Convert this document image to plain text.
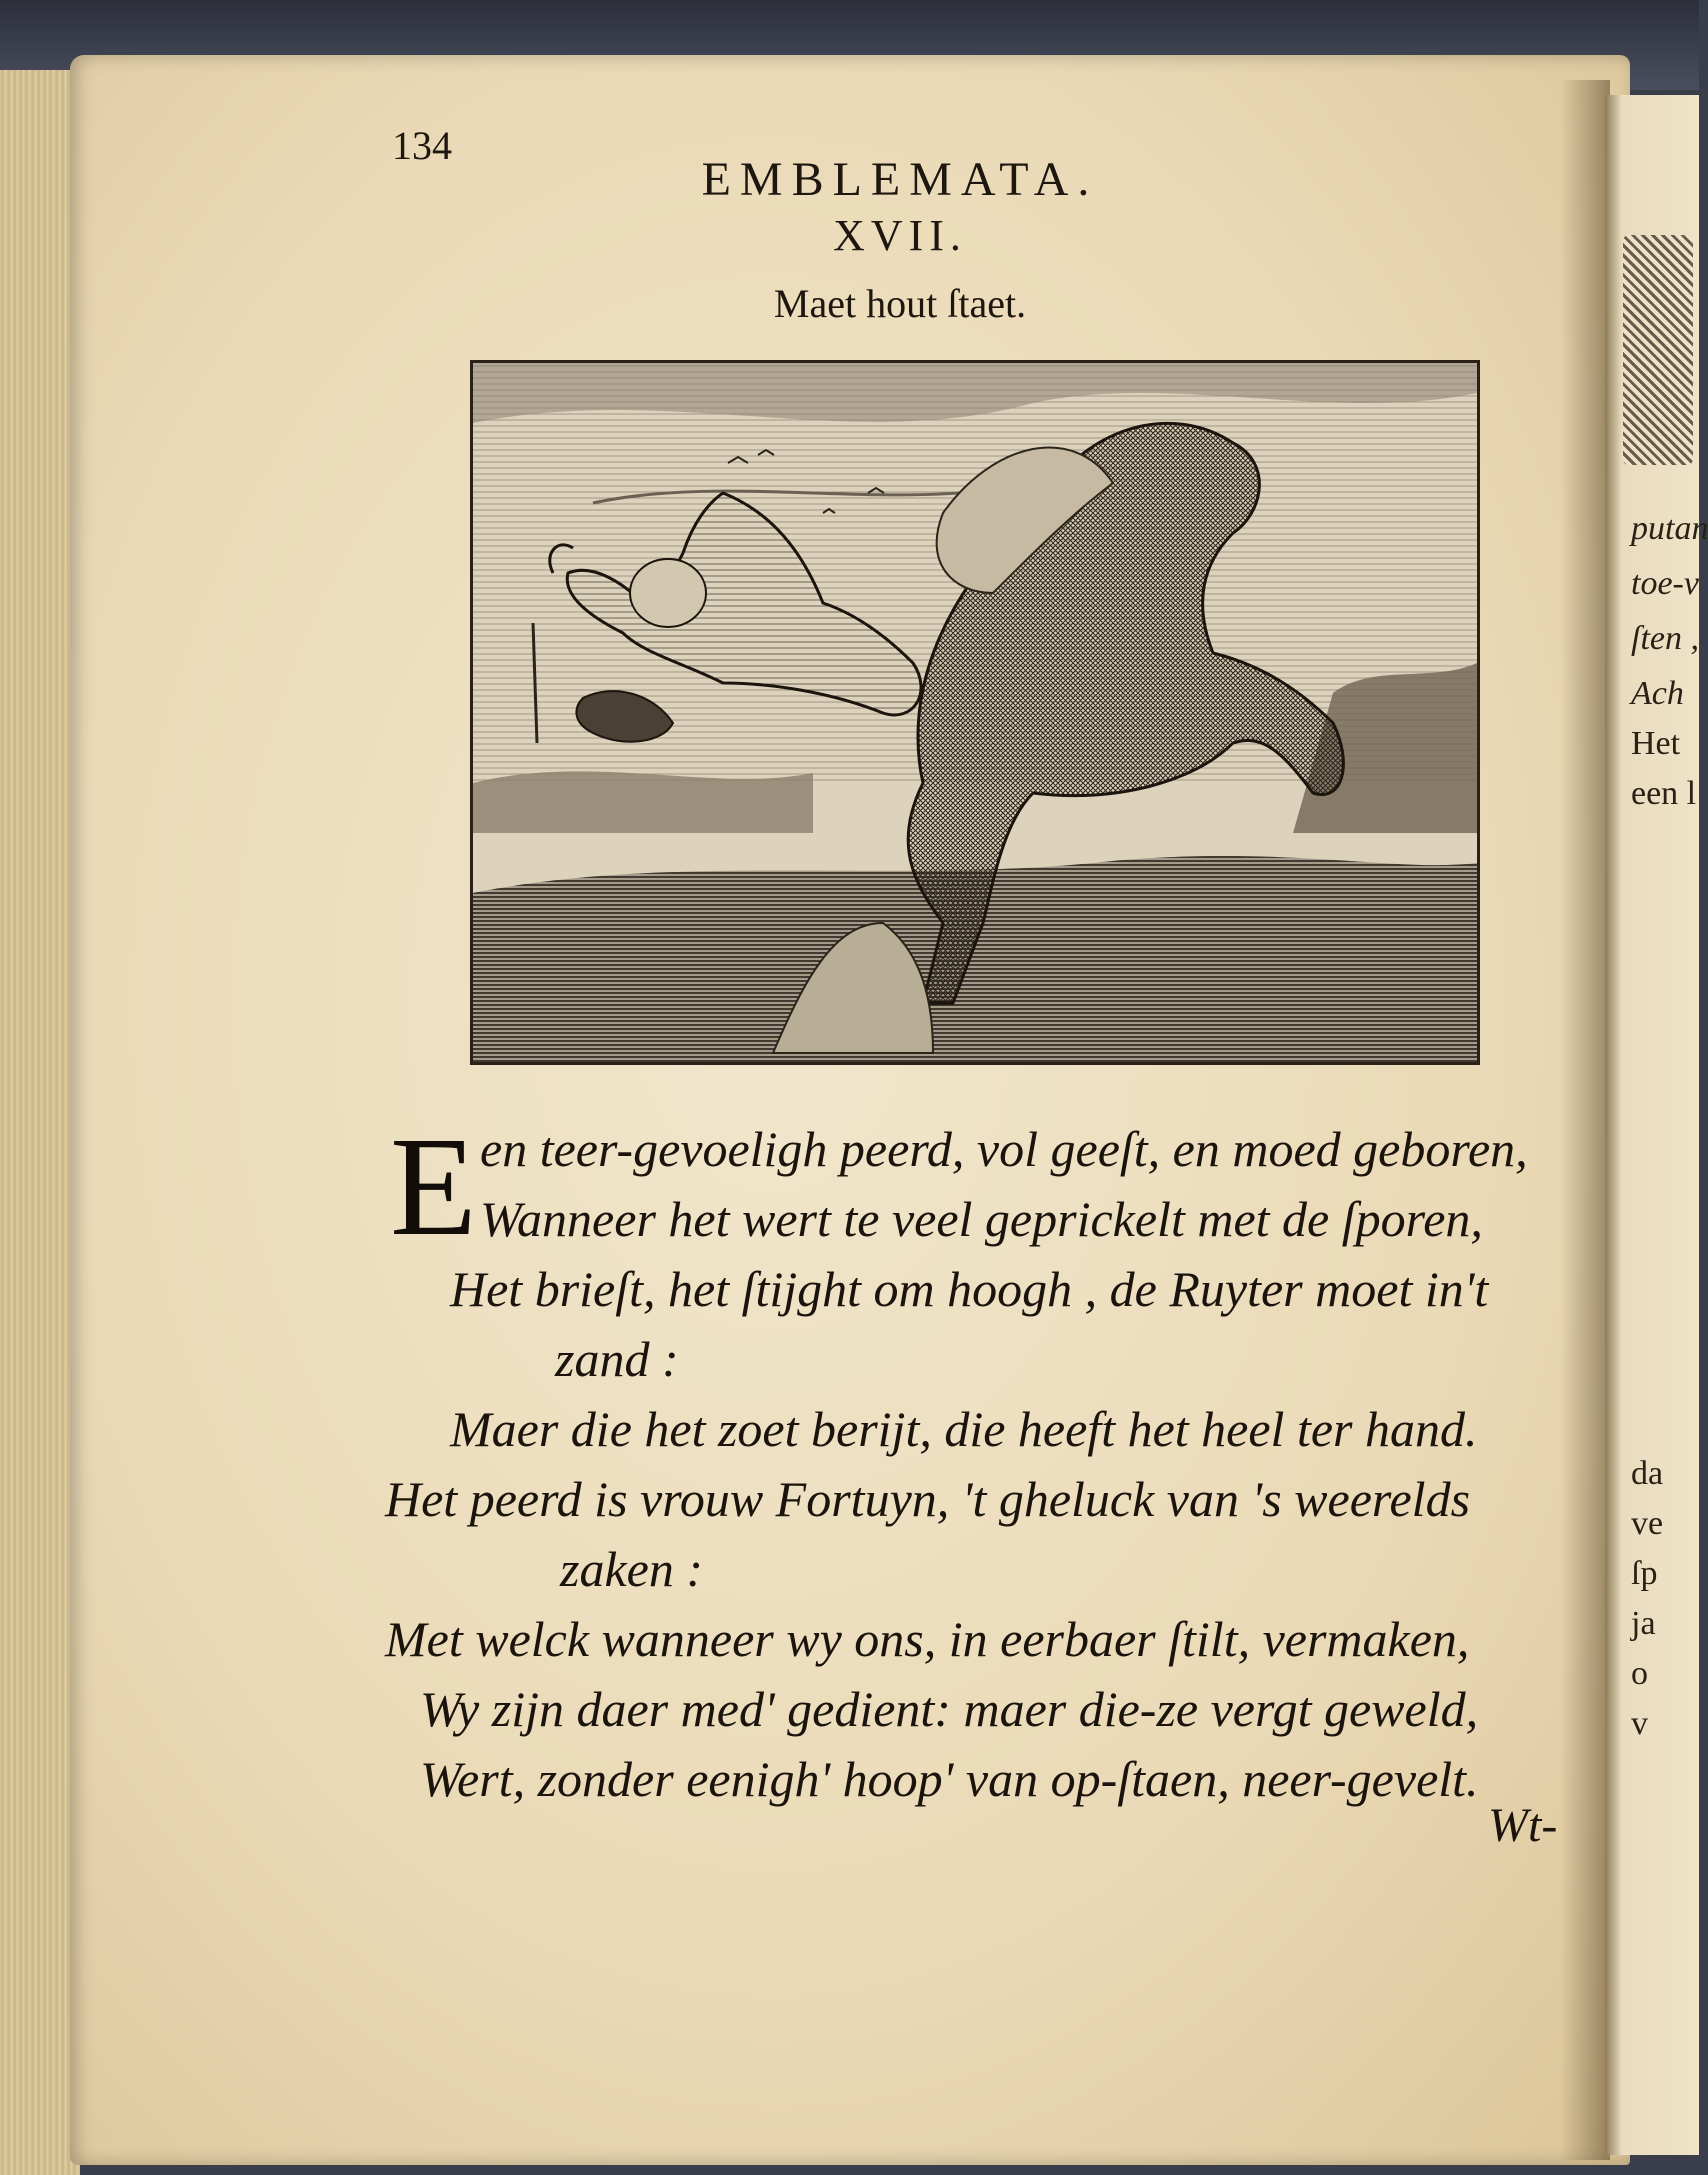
putan
toe-v
ſten ,
Ach
Het
een l
da
ve
ſp
ja
o
v
134
EMBLEMATA.
XVII.
Maet hout ſtaet.
E en teer-gevoeligh peerd, vol geeſt, en moed geboren,
Wanneer het wert te veel geprickelt met de ſporen,
Het brieſt, het ſtijght om hoogh , de Ruyter moet in't
zand :
Maer die het zoet berijt, die heeft het heel ter hand.
Het peerd is vrouw Fortuyn, 't gheluck van 's weerelds
zaken :
Met welck wanneer wy ons, in eerbaer ſtilt, vermaken,
Wy zijn daer med' gedient: maer die-ze vergt geweld,
Wert, zonder eenigh' hoop' van op-ſtaen, neer-gevelt.
Wt-
